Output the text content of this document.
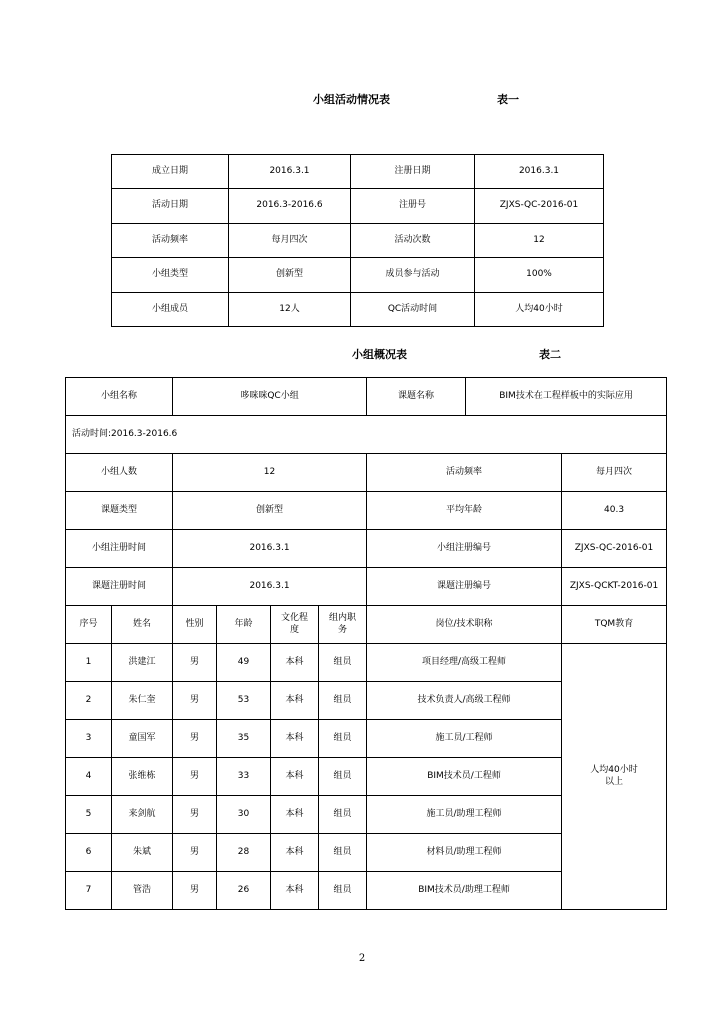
小组活动情况表	表一
成立日期	2016.3.1	注册日期	2016.3.1
活动日期	2016.3-2016.6	注册号	ZJXS-QC-2016-01
活动频率	每月四次	活动次数	12
小组类型	创新型	成员参与活动	100%
小组成员	12人	QC活动时间	人均40小时
小组概况表	表二
小组名称		哆咪咪QC小组				课题名称	BIM技术在工程样板中的实际应用	
活动时间:2016.3-2016.6								
小组人数		12				活动频率		每月四次
课题类型		创新型				平均年龄		40.3
小组注册时间		2016.3.1				小组注册编号		ZJXS-QC-2016-01
课题注册时间		2016.3.1				课题注册编号		ZJXS-QCKT-2016-01
序号	姓名	性别	年龄	文化程度	组内职务	岗位/技术职称		TQM教育
1	洪建江	男	49	本科	组员	项目经理/高级工程师		人均40小时以上
2	朱仁奎	男	53	本科	组员	技术负责人/高级工程师		
3	童国军	男	35	本科	组员	施工员/工程师		
4	张维栋	男	33	本科	组员	BIM技术员/工程师		
5	来剑航	男	30	本科	组员	施工员/助理工程师		
6	朱斌	男	28	本科	组员	材料员/助理工程师		
7	管浩	男	26	本科	组员	BIM技术员/助理工程师		
2
